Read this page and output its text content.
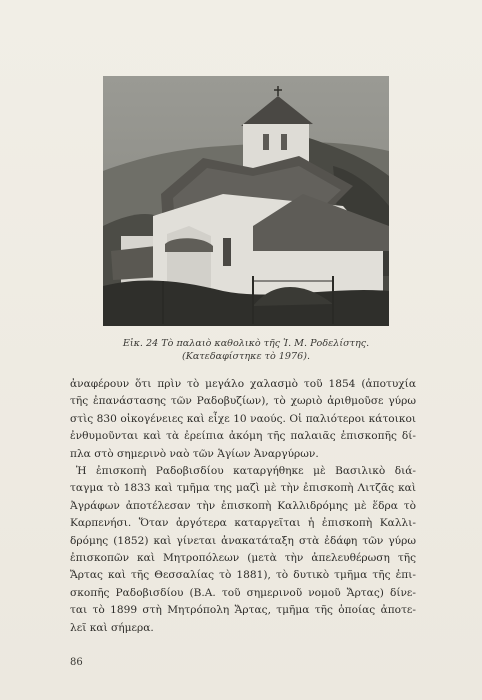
Εἰκ. 24 Τὸ παλαιὸ καθολικὸ τῆς Ἱ. Μ. Ροδελίστης.
(Κατεδαφίστηκε τὸ 1976).
ἀναφέρουν ὅτι πρὶν τὸ μεγάλο χαλασμὸ τοῦ 1854 (ἀποτυχία
τῆς ἐπανάστασης τῶν Ραδοβυζίων), τὸ χωριὸ ἀριθμοῦσε γύρω
στὶς 830 οἰκογένειες καὶ εἶχε 10 ναούς. Οἱ παλιότεροι κάτοικοι
ἐνθυμοῦνται καὶ τὰ ἐρείπια ἀκόμη τῆς παλαιᾶς ἐπισκοπῆς δί-
πλα στὸ σημερινὸ ναὸ τῶν Ἁγίων Ἀναργύρων.
Ἡ ἐπισκοπὴ Ραδοβισδίου καταργήθηκε μὲ Βασιλικὸ διά-
ταγμα τὸ 1833 καὶ τμῆμα της μαζὶ μὲ τὴν ἐπισκοπὴ Λιτζᾶς καὶ
Ἀγράφων ἀποτέλεσαν τὴν ἐπισκοπὴ Καλλιδρόμης μὲ ἕδρα τὸ
Καρπενήσι. Ὅταν ἀργότερα καταργεῖται ἡ ἐπισκοπὴ Καλλι-
δρόμης (1852) καὶ γίνεται ἀνακατάταξη στὰ ἐδάφη τῶν γύρω
ἐπισκοπῶν καὶ Μητροπόλεων (μετὰ τὴν ἀπελευθέρωση τῆς
Ἄρτας καὶ τῆς Θεσσαλίας τὸ 1881), τὸ δυτικὸ τμῆμα τῆς ἐπι-
σκοπῆς Ραδοβισδίου (Β.Α. τοῦ σημερινοῦ νομοῦ Ἄρτας) δίνε-
ται τὸ 1899 στὴ Μητρόπολη Ἄρτας, τμῆμα τῆς ὁποίας ἀποτε-
λεῖ καὶ σήμερα.
86
